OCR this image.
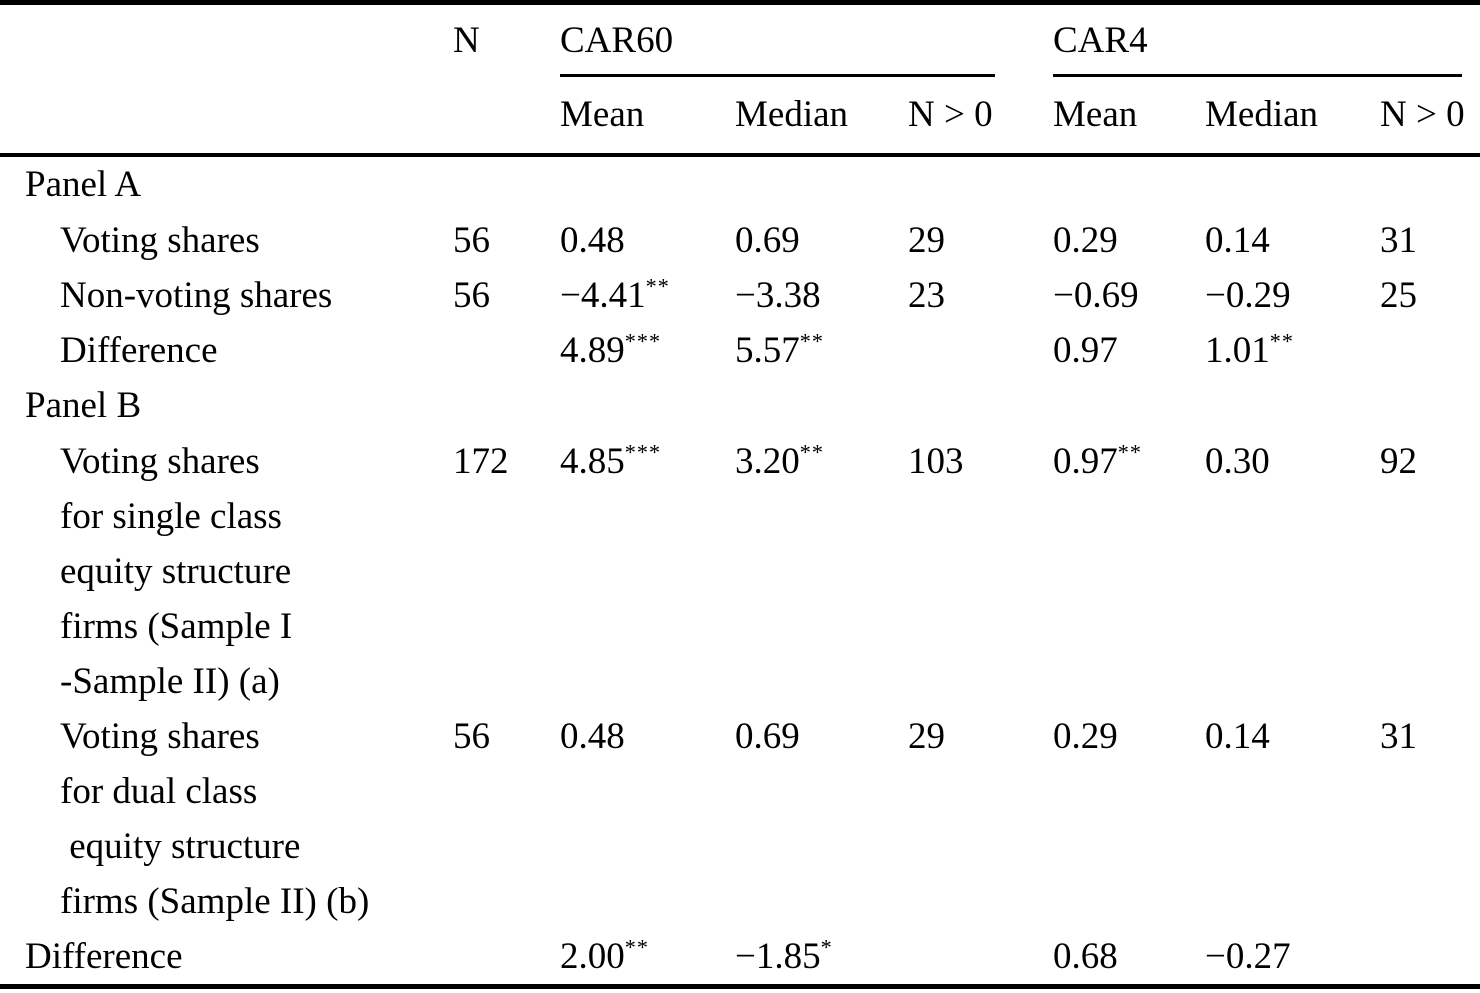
	N	CAR60			CAR4		

		Mean	Median	N > 0	Mean	Median	N > 0
Panel A							

Voting shares	56	0.48	0.69	29	0.29	0.14	31

Non-voting shares	56	−4.41**	−3.38	23	−0.69	−0.29	25

Difference		4.89***	5.57**		0.97	1.01**	
Panel B							

Voting shares
for single class
equity structure
firms (Sample I
-Sample II) (a)	172	4.85***	3.20**	103	0.97**	0.30	92

Voting shares
for dual class
equity structure
firms (Sample II) (b)	56	0.48	0.69	29	0.29	0.14	31

Difference		2.00**	−1.85*		0.68	−0.27	
